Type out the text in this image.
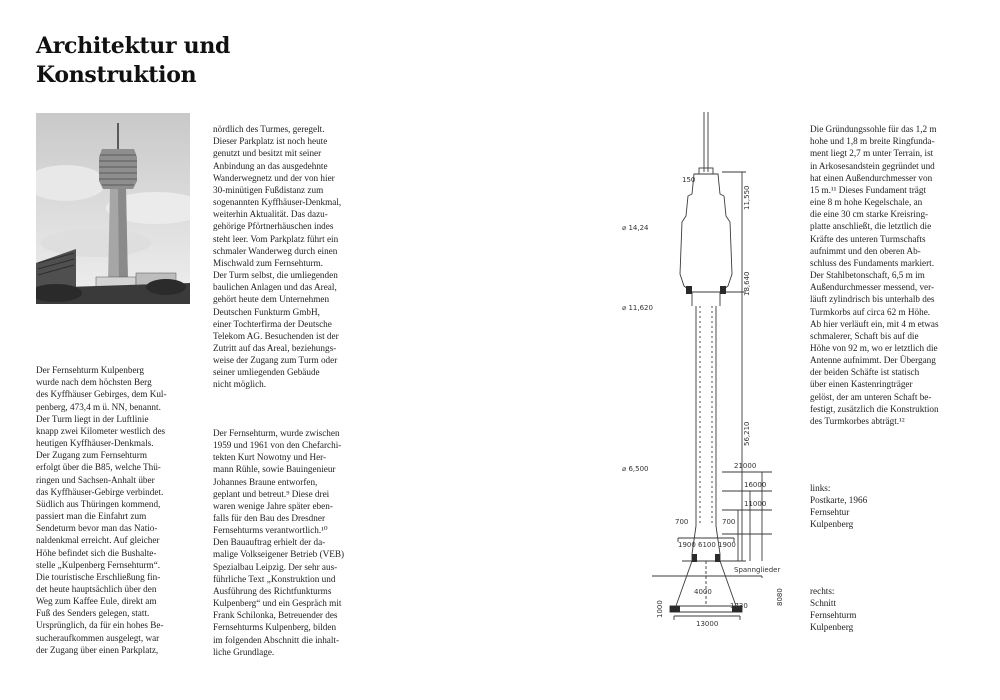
Architektur und
Konstruktion

Der Fernsehturm Kulpenberg
wurde nach dem höchsten Berg
des Kyffhäuser Gebirges, dem Kul-
penberg, 473,4 m ü. NN, benannt.
Der Turm liegt in der Luftlinie
knapp zwei Kilometer westlich des
heutigen Kyffhäuser-Denkmals.
Der Zugang zum Fernsehturm
erfolgt über die B85, welche Thü-
ringen und Sachsen-Anhalt über
das Kyffhäuser-Gebirge verbindet.
Südlich aus Thüringen kommend,
passiert man die Einfahrt zum
Sendeturm bevor man das Natio-
naldenkmal erreicht. Auf gleicher
Höhe befindet sich die Bushalte-
stelle „Kulpenberg Fernsehturm“.
Die touristische Erschließung fin-
det heute hauptsächlich über den
Weg zum Kaffee Eule, direkt am
Fuß des Senders gelegen, statt.
Ursprünglich, da für ein hohes Be-
sucheraufkommen ausgelegt, war
der Zugang über einen Parkplatz,

nördlich des Turmes, geregelt.
Dieser Parkplatz ist noch heute
genutzt und besitzt mit seiner
Anbindung an das ausgedehnte
Wanderwegnetz und der von hier
30-minütigen Fußdistanz zum
sogenannten Kyffhäuser-Denkmal,
weiterhin Aktualität. Das dazu-
gehörige Pförtnerhäuschen indes
steht leer. Vom Parkplatz führt ein
schmaler Wanderweg durch einen
Mischwald zum Fernsehturm.
Der Turm selbst, die umliegenden
baulichen Anlagen und das Areal,
gehört heute dem Unternehmen
Deutschen Funkturm GmbH,
einer Tochterfirma der Deutsche
Telekom AG. Besuchenden ist der
Zutritt auf das Areal, beziehungs-
weise der Zugang zum Turm oder
seiner umliegenden Gebäude
nicht möglich.

Der Fernsehturm, wurde zwischen
1959 und 1961 von den Chefarchi-
tekten Kurt Nowotny und Her-
mann Rühle, sowie Bauingenieur
Johannes Braune entworfen,
geplant und betreut.⁹ Diese drei
waren wenige Jahre später eben-
falls für den Bau des Dresdner
Fernsehturms verantwortlich.¹⁰
Den Bauauftrag erhielt der da-
malige Volkseigener Betrieb (VEB)
Spezialbau Leipzig. Der sehr aus-
führliche Text „Konstruktion und
Ausführung des Richtfunkturms
Kulpenberg“ und ein Gespräch mit
Frank Schilonka, Betreuender des
Fernsehturms Kulpenberg, bilden
im folgenden Abschnitt die inhalt-
liche Grundlage.

Die Gründungssohle für das 1,2 m
hohe und 1,8 m breite Ringfunda-
ment liegt 2,7 m unter Terrain, ist
in Arkosesandstein gegründet und
hat einen Außendurchmesser von
15 m.¹¹ Dieses Fundament trägt
eine 8 m hohe Kegelschale, an
die eine 30 cm starke Kreisring-
platte anschließt, die letztlich die
Kräfte des unteren Turmschafts
aufnimmt und den oberen Ab-
schluss des Fundaments markiert.
Der Stahlbetonschaft, 6,5 m im
Außendurchmesser messend, ver-
läuft zylindrisch bis unterhalb des
Turmkorbs auf circa 62 m Höhe.
Ab hier verläuft ein, mit 4 m etwas
schmalerer, Schaft bis auf die
Höhe von 92 m, wo er letztlich die
Antenne aufnimmt. Der Übergang
der beiden Schäfte ist statisch
über einen Kastenringträger
gelöst, der am unteren Schaft be-
festigt, zusätzlich die Konstruktion
des Turmkorbes abträgt.¹²

links:
Postkarte, 1966
Fernsehtur
Kulpenberg
rechts:
Schnitt
Fernsehturm
Kulpenberg
150
⌀ 14,24
⌀ 11,620
⌀ 6,500
11,550
18,640
56,210
21000
16000
11000
700	700
1900 6100 1900
Spannglieder
4000	8080
1000	1730
13000
